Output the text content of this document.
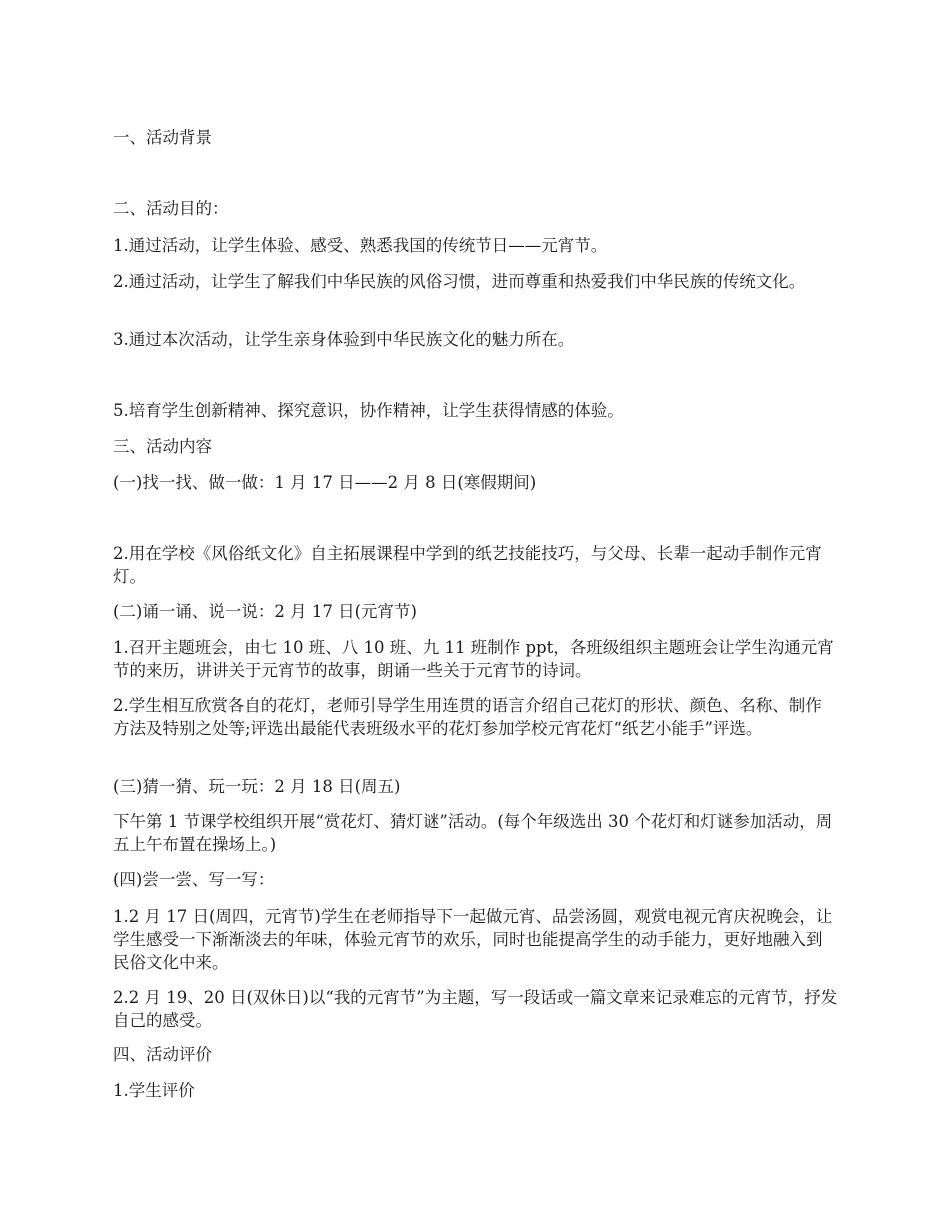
一、活动背景

二、活动目的：

1.通过活动，让学生体验、感受、熟悉我国的传统节日——元宵节。

2.通过活动，让学生了解我们中华民族的风俗习惯，进而尊重和热爱我们中华民族的传统文化。

3.通过本次活动，让学生亲身体验到中华民族文化的魅力所在。

5.培育学生创新精神、探究意识，协作精神，让学生获得情感的体验。

三、活动内容

(一)找一找、做一做：1 月 17 日——2 月 8 日(寒假期间)

2.用在学校《风俗纸文化》自主拓展课程中学到的纸艺技能技巧，与父母、长辈一起动手制作元宵灯。

(二)诵一诵、说一说：2 月 17 日(元宵节)

1.召开主题班会，由七 10 班、八 10 班、九 11 班制作 ppt，各班级组织主题班会让学生沟通元宵节的来历，讲讲关于元宵节的故事，朗诵一些关于元宵节的诗词。

2.学生相互欣赏各自的花灯，老师引导学生用连贯的语言介绍自己花灯的形状、颜色、名称、制作方法及特别之处等;评选出最能代表班级水平的花灯参加学校元宵花灯“纸艺小能手”评选。

(三)猜一猜、玩一玩：2 月 18 日(周五)

下午第 1 节课学校组织开展“赏花灯、猜灯谜”活动。(每个年级选出 30 个花灯和灯谜参加活动，周五上午布置在操场上。)

(四)尝一尝、写一写：

1.2 月 17 日(周四，元宵节)学生在老师指导下一起做元宵、品尝汤圆，观赏电视元宵庆祝晚会，让学生感受一下渐渐淡去的年味，体验元宵节的欢乐，同时也能提高学生的动手能力，更好地融入到民俗文化中来。

2.2 月 19、20 日(双休日)以“我的元宵节”为主题，写一段话或一篇文章来记录难忘的元宵节，抒发自己的感受。

四、活动评价

1.学生评价
